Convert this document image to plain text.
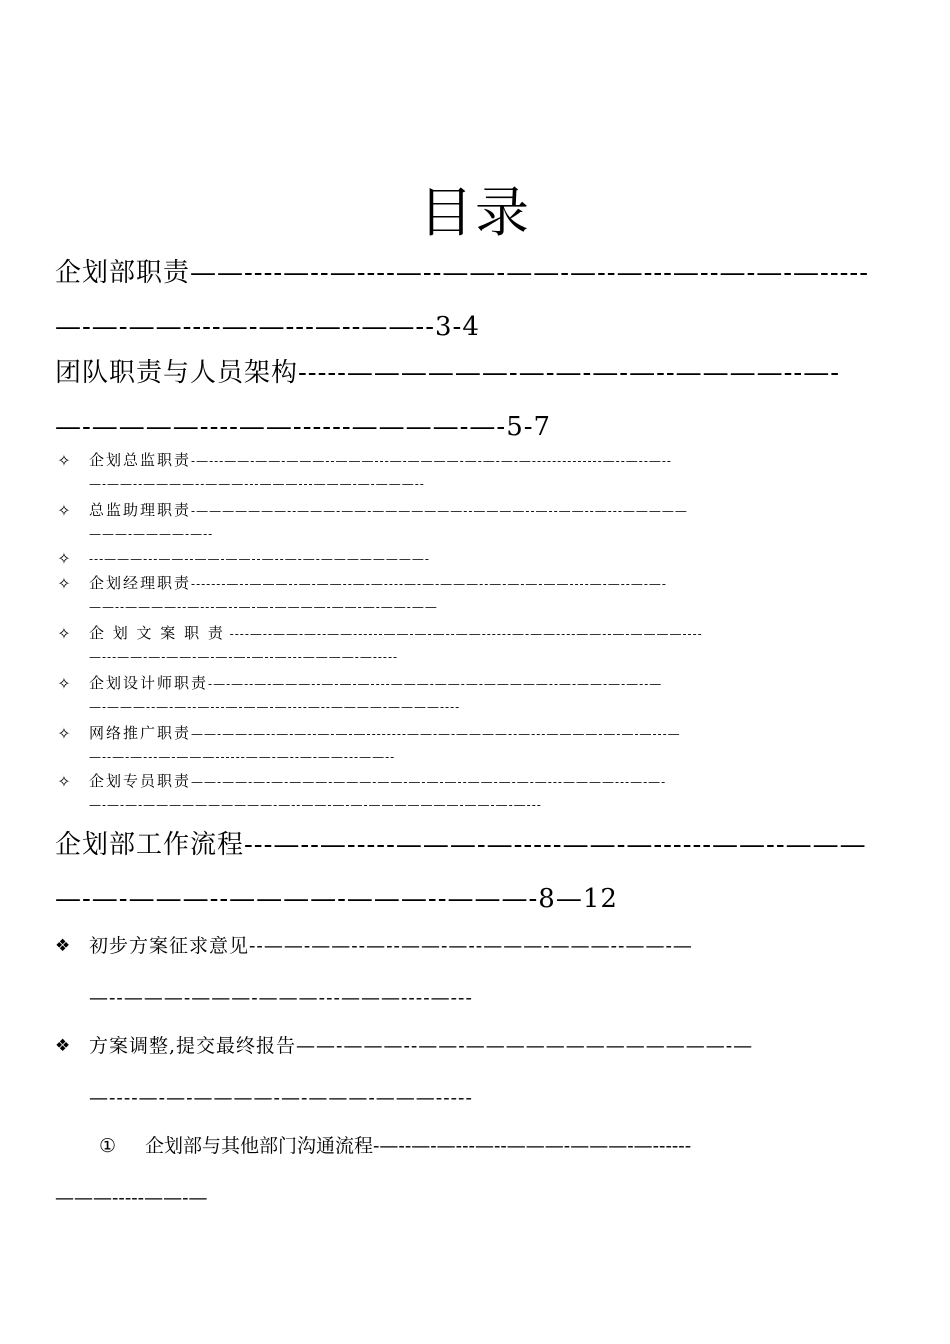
目录
企划部职责——----—--—----—--——-——-—--—---—--—-—-—-----
—-—-——----—-—---—--——--3-4
团队职责与人员架构-----——————-—-—-—-—--————--—-
—-————----——------————-—-5-7
✧ 企划总监职责-—---——-——-———--———---—-————-—-—-—-—--------------—--—--—--
—-——--————--———---———---———-—-———--
✧ 总监助理职责-———————--———-——-———————--————--—--——--—---—————
———-————-—--
✧ ---———---——--——-——--—--—-—-————————-
✧ 企划经理职责-------—--———--—-——--—-—----—-—-———--—-—-—-——----—-—--—-—-
——--————--—---—--—-—-————-——-—-——-——
✧ 企 划 文 案 职 责 ----—--——-—--——------——-—-—--——------—-——----——--—-————----
—---——-—-——-—-—-—-—--—---————-—-----
✧ 企划设计师职责-—-—--—-———--—-—-—----———-——-—-—————--—-——-—-—--—
—-———--—-—--—---—-——-—----—--————-————----
✧ 网络推广职责——-——-—--—-—--—-—-—--------——-—-————--—---————-—-—-—---—
—--—-—---—-———------——-—--—-——---——--
✧ 企划专员职责——-——-—-—-———-———-——-—-—-—--——-—-—-—---————---—-—-
—-—-—-——————————-—--——-—-—-———————-——-—-—---
企划部工作流程---—--—-----———-—-----——-—------——--———
—-—-———--————-———--———-8—12
❖ 初步方案征求意见--——-——--—--——-—--———-———--——-—
—--———-———-———---———----—---
❖ 方案调整,提交最终报告——-———--——-—————————————-—
—----—-—-————-—-———-———-----
① 企划部与其他部门沟通流程-—--—-—---—--———-———-—------
———-----——-—
